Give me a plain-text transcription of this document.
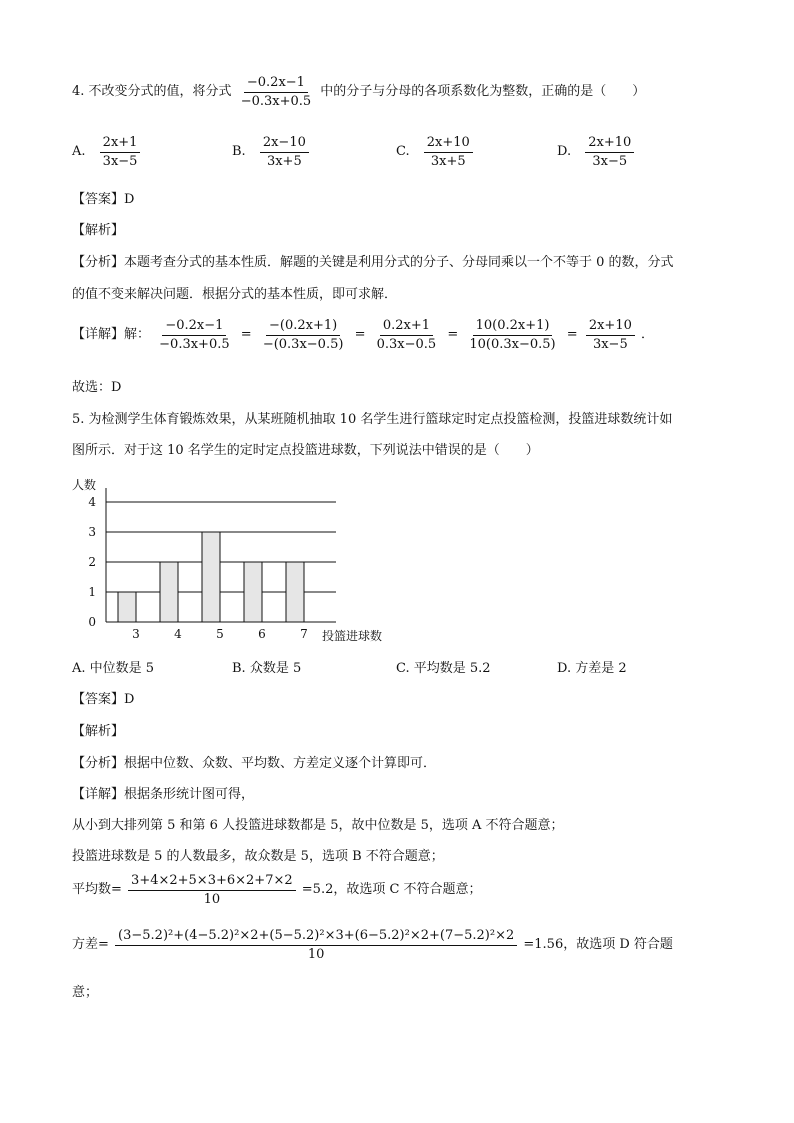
4. 不改变分式的值，将分式 $\frac{-0.2x-1}{-0.3x+0.5}$ 中的分子与分母的各项系数化为整数，正确的是（　　）
A. $\frac{2x+1}{3x-5}$	B. $\frac{2x-10}{3x+5}$	C. $\frac{2x+10}{3x+5}$	D. $\frac{2x+10}{3x-5}$
【答案】D
【解析】
【分析】本题考查分式的基本性质．解题的关键是利用分式的分子、分母同乘以一个不等于 0 的数，分式
的值不变来解决问题．根据分式的基本性质，即可求解．
【详解】解： $\frac{-0.2x-1}{-0.3x+0.5} = \frac{-(0.2x+1)}{-(0.3x-0.5)} = \frac{0.2x+1}{0.3x-0.5} = \frac{10(0.2x+1)}{10(0.3x-0.5)} = \frac{2x+10}{3x-5}$ ．
故选：D
5. 为检测学生体育锻炼效果，从某班随机抽取 10 名学生进行篮球定时定点投篮检测，投篮进球数统计如
图所示．对于这 10 名学生的定时定点投篮进球数，下列说法中错误的是（　　）
3	4	5	6	7
0
1
2
3
4
人数
投篮进球数
A. 中位数是 5	B. 众数是 5	C. 平均数是 5.2	D. 方差是 2
【答案】D
【解析】
【分析】根据中位数、众数、平均数、方差定义逐个计算即可．
【详解】根据条形统计图可得，
从小到大排列第 5 和第 6 人投篮进球数都是 5，故中位数是 5，选项 A 不符合题意；
投篮进球数是 5 的人数最多，故众数是 5，选项 B 不符合题意；
平均数= $\frac{3+4\times 2+5\times 3+6\times 2+7\times 2}{10} =5.2$，故选项 C 不符合题意；
方差= $\frac{\text{(3−5.2)²+(4−5.2)²×2+(5−5.2)²×3+(6−5.2)²×2+(7−5.2)²×2}}{10} =1.56$，故选项 D 符合题
意；
